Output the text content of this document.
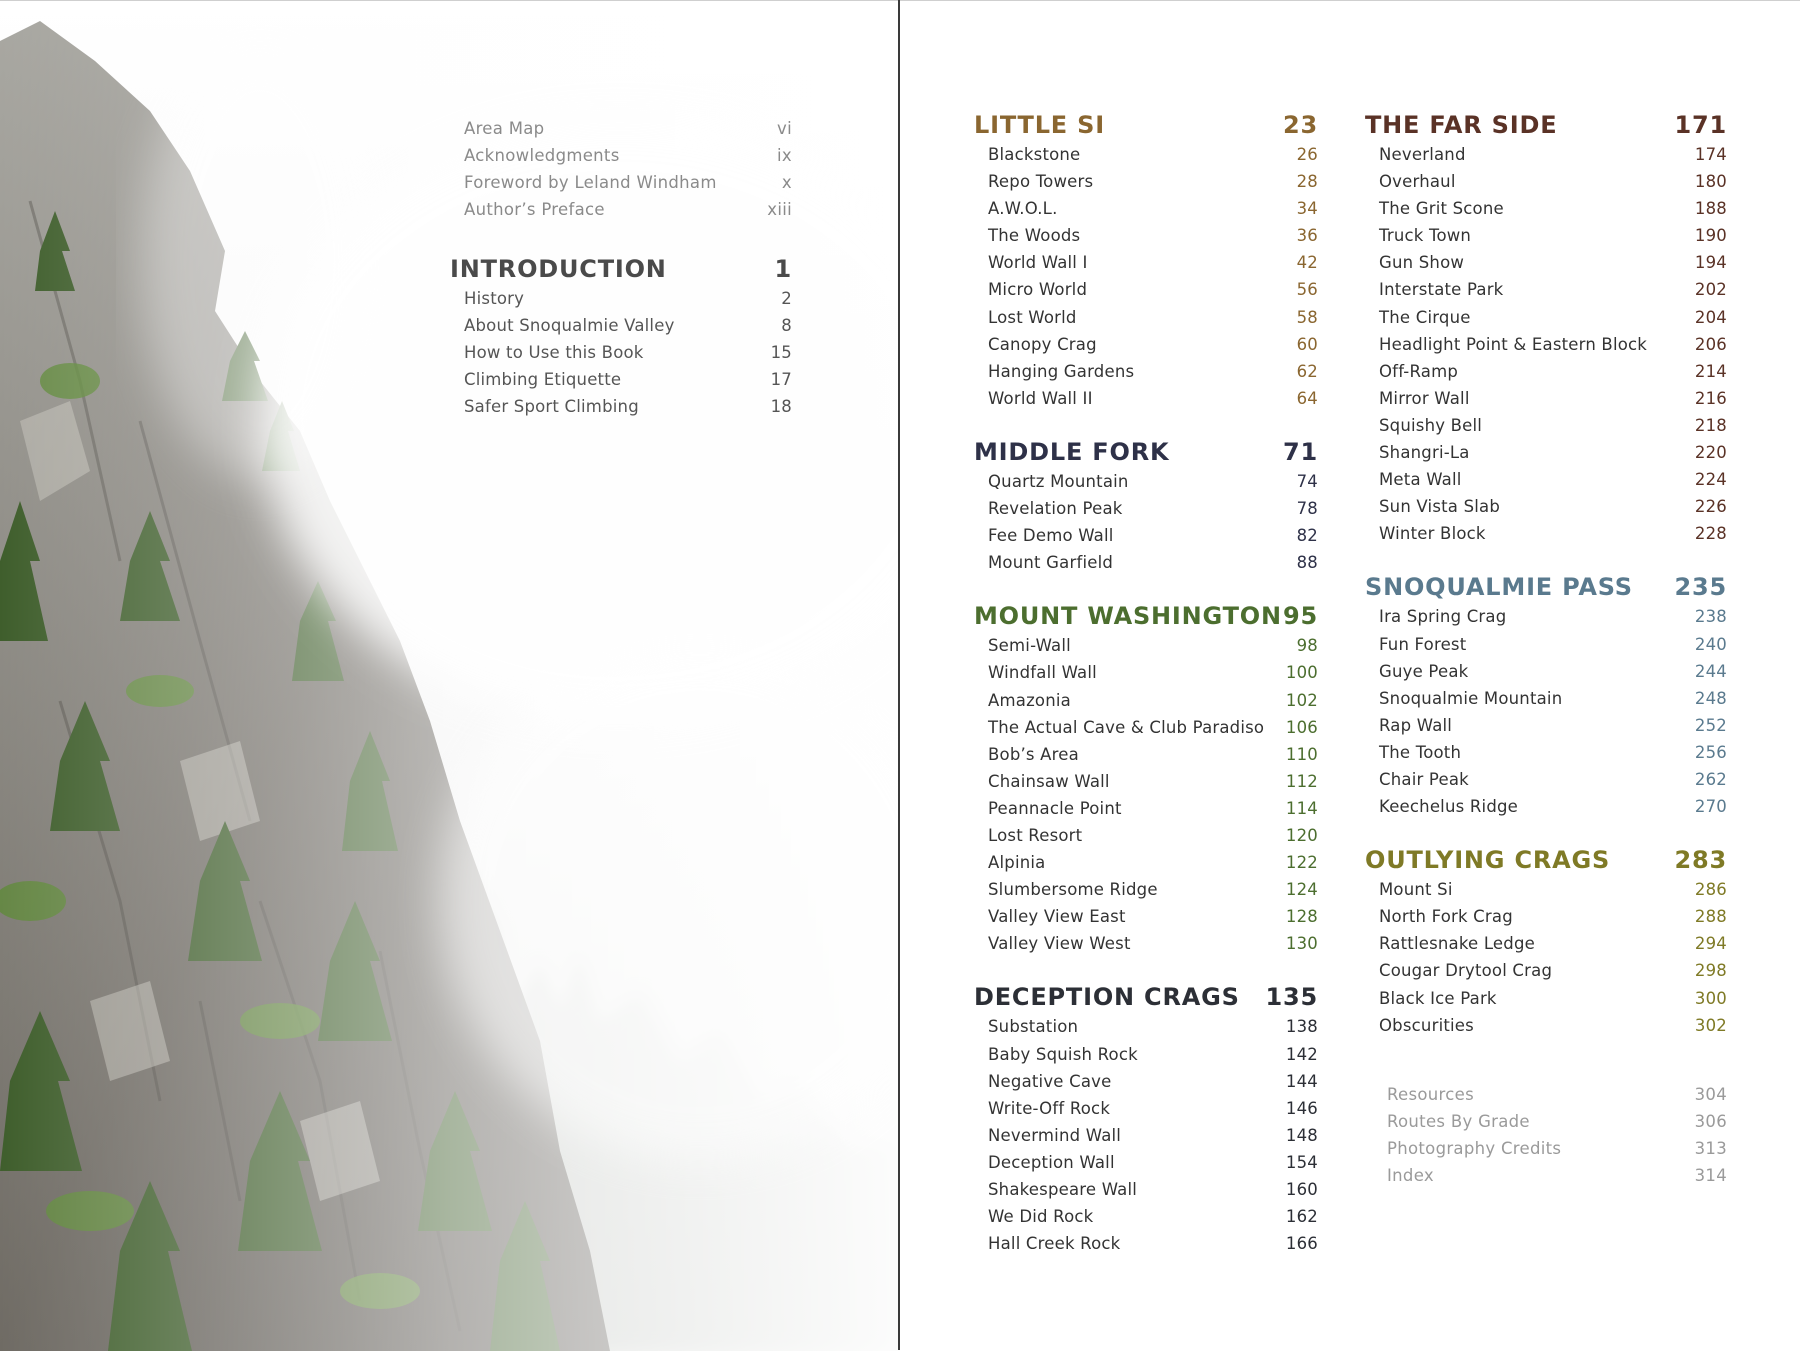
Area Map	vi
Acknowledgments	ix
Foreword by Leland Windham	x
Author’s Preface	xiii
INTRODUCTION	1
History	2
About Snoqualmie Valley	8
How to Use this Book	15
Climbing Etiquette	17
Safer Sport Climbing	18
LITTLE SI	23
Blackstone	26
Repo Towers	28
A.W.O.L.	34
The Woods	36
World Wall I	42
Micro World	56
Lost World	58
Canopy Crag	60
Hanging Gardens	62
World Wall II	64
MIDDLE FORK	71
Quartz Mountain	74
Revelation Peak	78
Fee Demo Wall	82
Mount Garfield	88
MOUNT WASHINGTON 95
Semi-Wall	98
Windfall Wall	100
Amazonia	102
The Actual Cave & Club Paradiso	106
Bob’s Area	110
Chainsaw Wall	112
Peannacle Point	114
Lost Resort	120
Alpinia	122
Slumbersome Ridge	124
Valley View East	128
Valley View West	130
DECEPTION CRAGS 135
Substation	138
Baby Squish Rock	142
Negative Cave	144
Write-Off Rock	146
Nevermind Wall	148
Deception Wall	154
Shakespeare Wall	160
We Did Rock	162
Hall Creek Rock	166
THE FAR SIDE	171
Neverland	174
Overhaul	180
The Grit Scone	188
Truck Town	190
Gun Show	194
Interstate Park	202
The Cirque	204
Headlight Point & Eastern Block	206
Off-Ramp	214
Mirror Wall	216
Squishy Bell	218
Shangri-La	220
Meta Wall	224
Sun Vista Slab	226
Winter Block	228
SNOQUALMIE PASS 235
Ira Spring Crag	238
Fun Forest	240
Guye Peak	244
Snoqualmie Mountain	248
Rap Wall	252
The Tooth	256
Chair Peak	262
Keechelus Ridge	270
OUTLYING CRAGS	283
Mount Si	286
North Fork Crag	288
Rattlesnake Ledge	294
Cougar Drytool Crag	298
Black Ice Park	300
Obscurities	302
Resources	304
Routes By Grade	306
Photography Credits	313
Index	314
